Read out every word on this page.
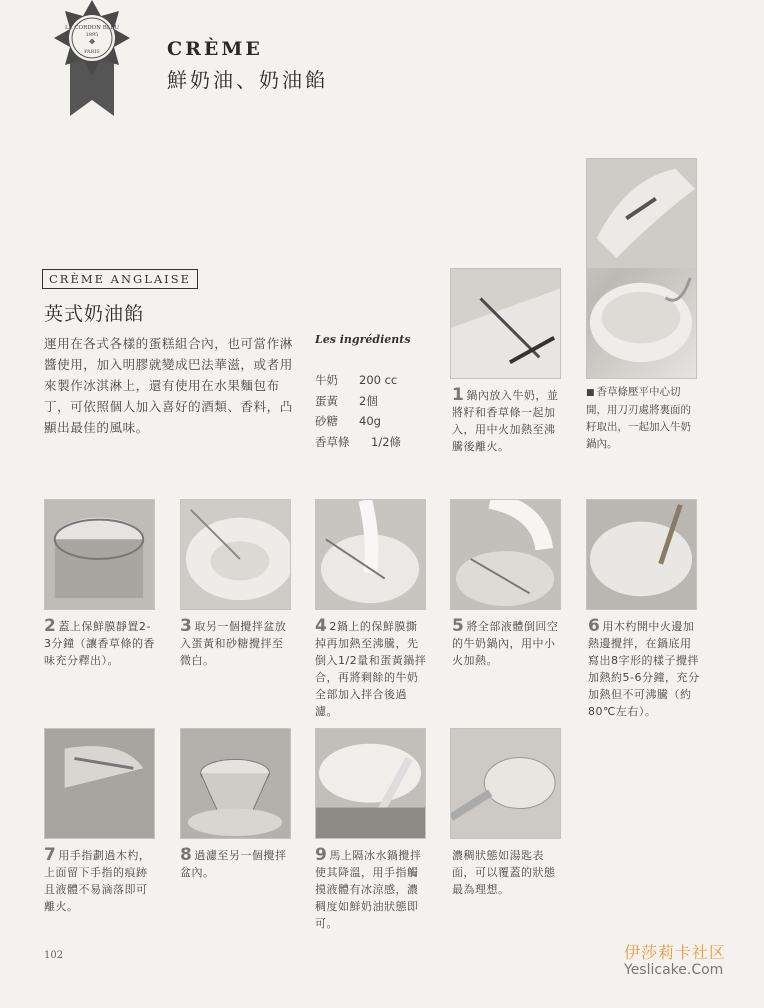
LE CORDON BLEU
1895
✥
PARIS	CRÈME
鮮奶油、奶油餡
■ 香草條壓平中心切開，用刀刃處將裏面的籽取出，一起加入牛奶鍋內。
CRÈME ANGLAISE
英式奶油餡
運用在各式各樣的蛋糕組合內，也可當作淋醬使用，加入明膠就變成巴法華滋，或者用來製作冰淇淋上，還有使用在水果麵包布丁，可依照個人加入喜好的酒類、香料，凸顯出最佳的風味。
Les ingrédients
牛奶	200 cc
蛋黃	2個
砂糖	40g
香草條	1/2條
1 鍋內放入牛奶，並將籽和香草條一起加入，用中火加熱至沸騰後離火。
2 蓋上保鮮膜靜置2-3分鐘（讓香草條的香味充分釋出）。
3 取另一個攪拌盆放入蛋黃和砂糖攪拌至微白。
4 2鍋上的保鮮膜撕掉再加熱至沸騰，先倒入1/2量和蛋黃鍋拌合，再將剩餘的牛奶全部加入拌合後過濾。
5 將全部液體倒回空的牛奶鍋內，用中小火加熱。
6 用木杓開中火邊加熱邊攪拌，在鍋底用寫出8字形的樣子攪拌加熱約5-6分鐘，充分加熱但不可沸騰（約80℃左右）。
7 用手指劃過木杓，上面留下手指的痕跡且液體不易滴落即可離火。
8 過濾至另一個攪拌盆內。
9 馬上隔冰水鍋攪拌使其降溫，用手指觸摸液體有冰涼感，濃稠度如鮮奶油狀態即可。
濃稠狀態如湯匙表面，可以覆蓋的狀態最為理想。
102	伊莎莉卡社区
Yeslicake.Com
